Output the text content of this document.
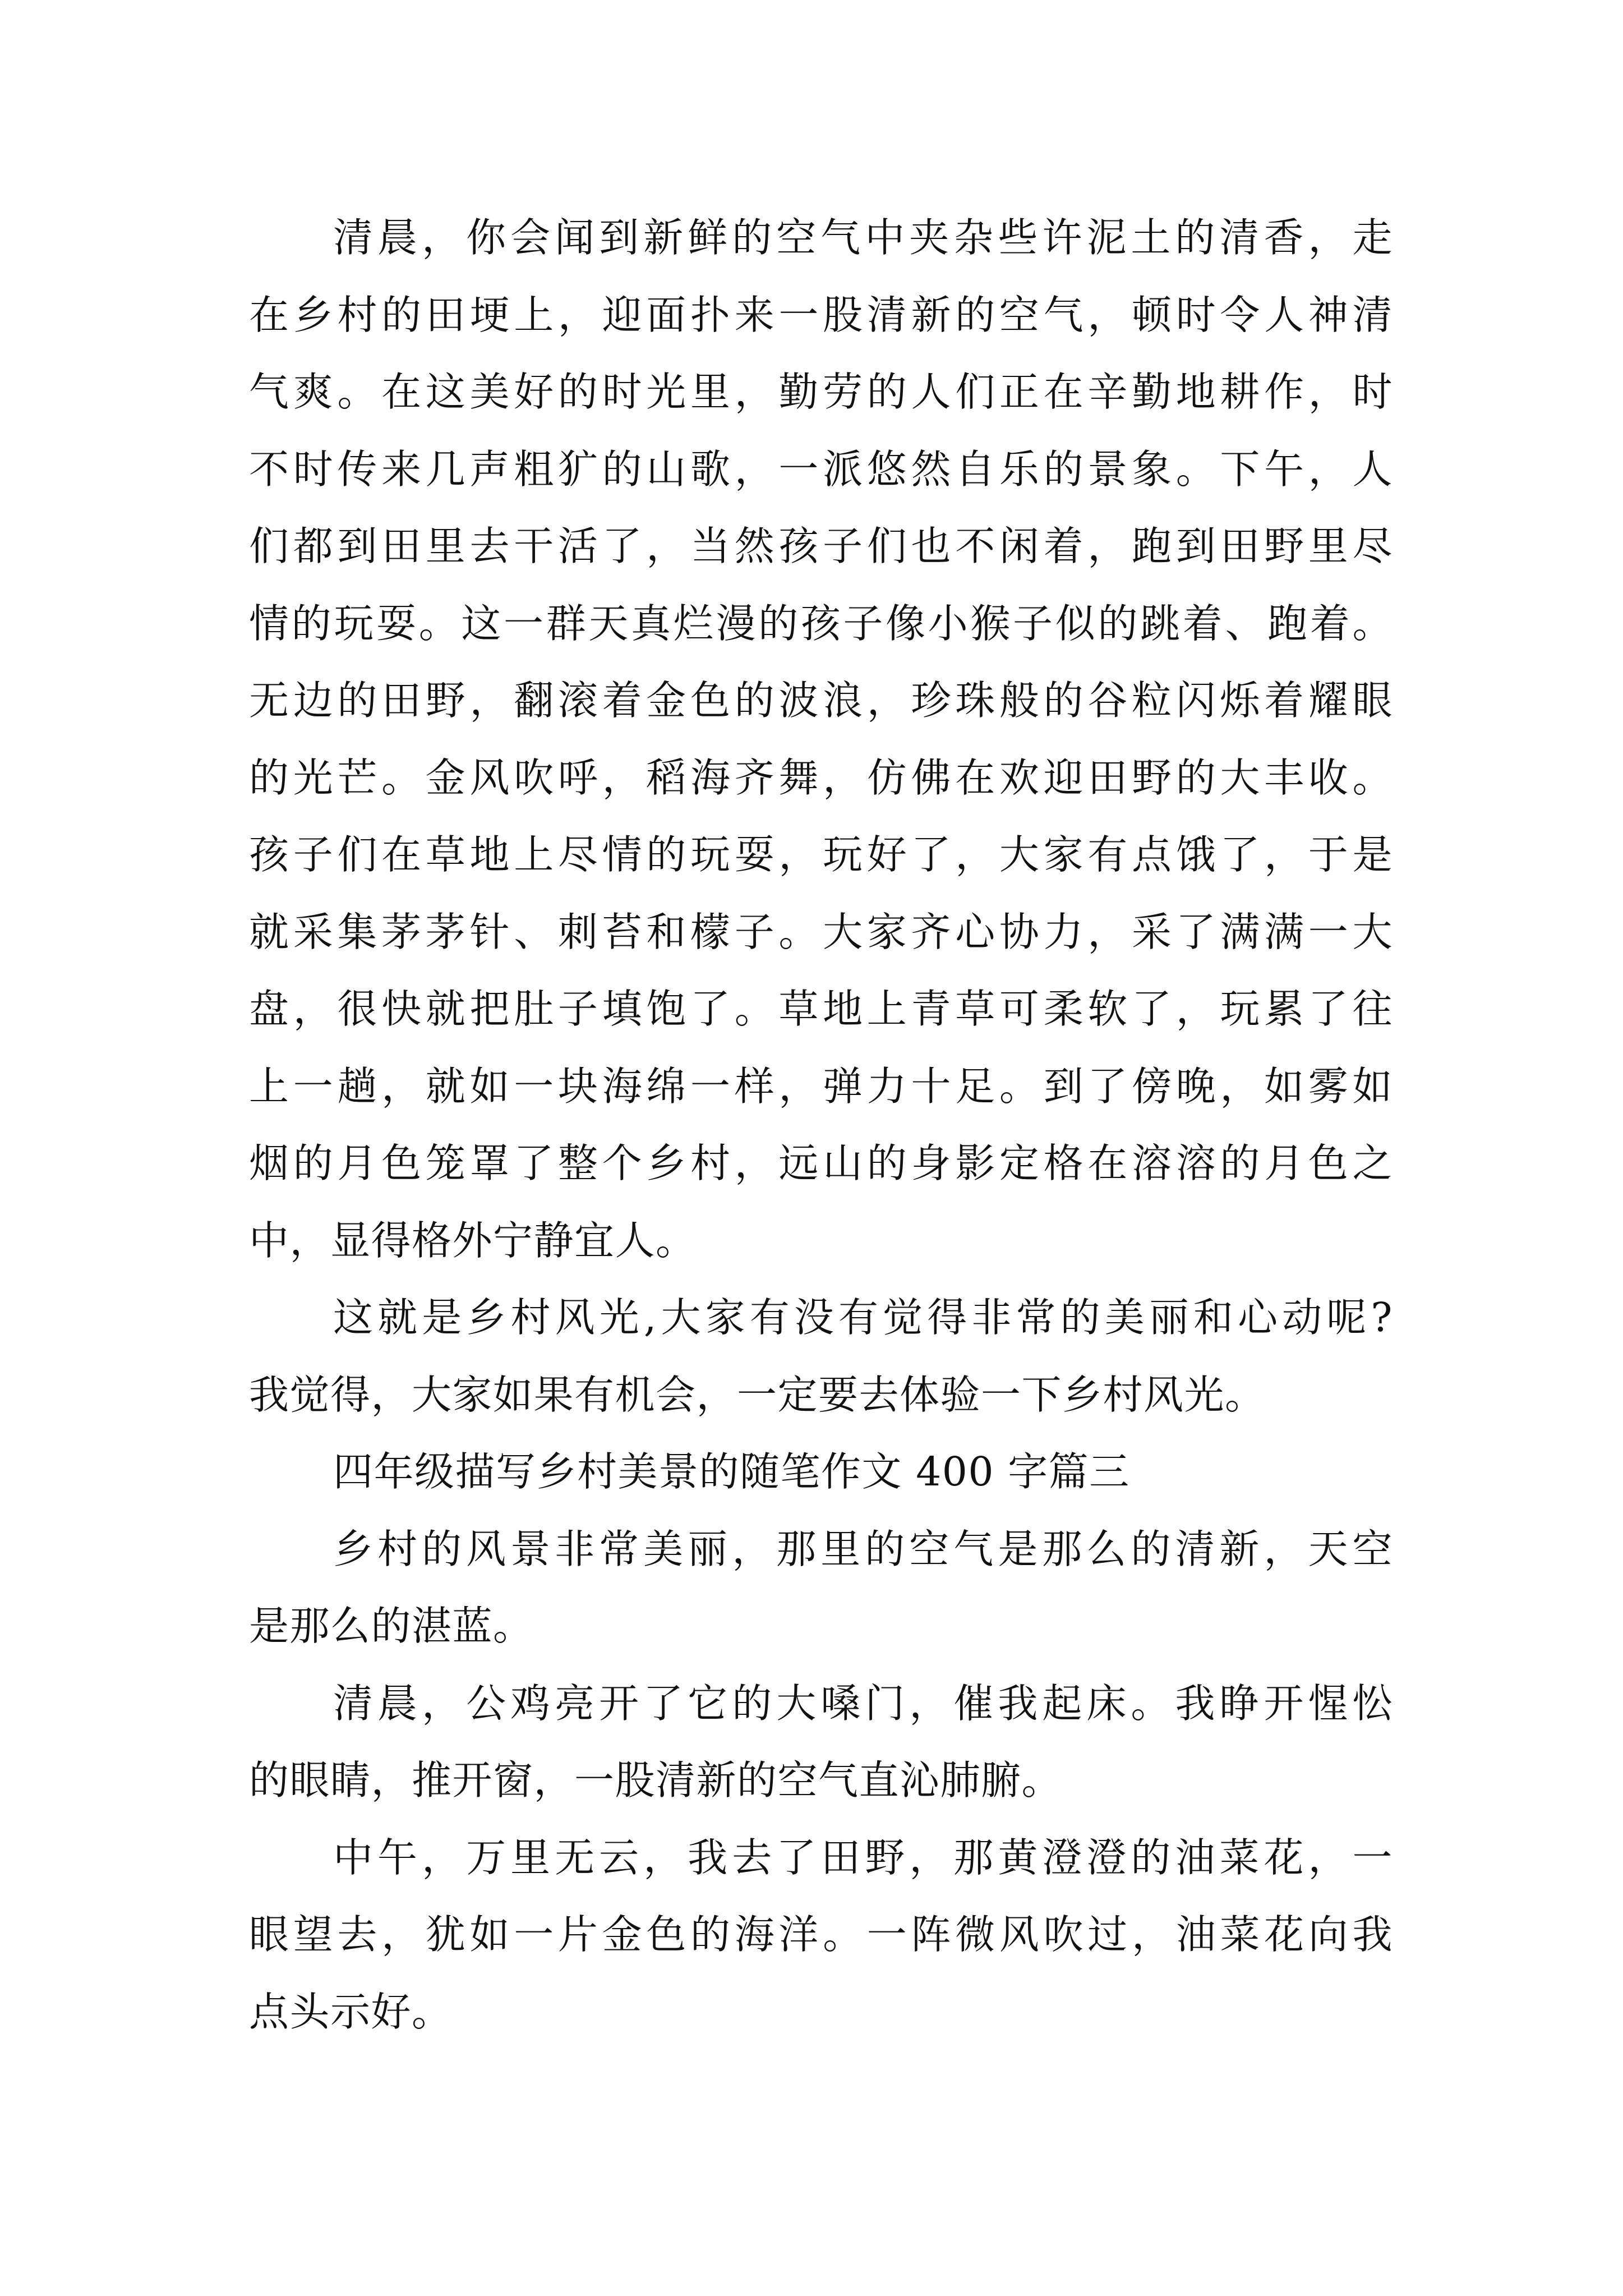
清晨，你会闻到新鲜的空气中夹杂些许泥土的清香，走
在乡村的田埂上，迎面扑来一股清新的空气，顿时令人神清
气爽。在这美好的时光里，勤劳的人们正在辛勤地耕作，时
不时传来几声粗犷的山歌，一派悠然自乐的景象。下午，人
们都到田里去干活了，当然孩子们也不闲着，跑到田野里尽
情的玩耍。这一群天真烂漫的孩子像小猴子似的跳着、跑着。
无边的田野，翻滚着金色的波浪，珍珠般的谷粒闪烁着耀眼
的光芒。金风吹呼，稻海齐舞，仿佛在欢迎田野的大丰收。
孩子们在草地上尽情的玩耍，玩好了，大家有点饿了，于是
就采集茅茅针、刺苔和檬子。大家齐心协力，采了满满一大
盘，很快就把肚子填饱了。草地上青草可柔软了，玩累了往
上一趟，就如一块海绵一样，弹力十足。到了傍晚，如雾如
烟的月色笼罩了整个乡村，远山的身影定格在溶溶的月色之
中，显得格外宁静宜人。
这就是乡村风光,大家有没有觉得非常的美丽和心动呢?
我觉得，大家如果有机会，一定要去体验一下乡村风光。
四年级描写乡村美景的随笔作文 400 字篇三
乡村的风景非常美丽，那里的空气是那么的清新，天空
是那么的湛蓝。
清晨，公鸡亮开了它的大嗓门，催我起床。我睁开惺忪
的眼睛，推开窗，一股清新的空气直沁肺腑。
中午，万里无云，我去了田野，那黄澄澄的油菜花，一
眼望去，犹如一片金色的海洋。一阵微风吹过，油菜花向我
点头示好。
